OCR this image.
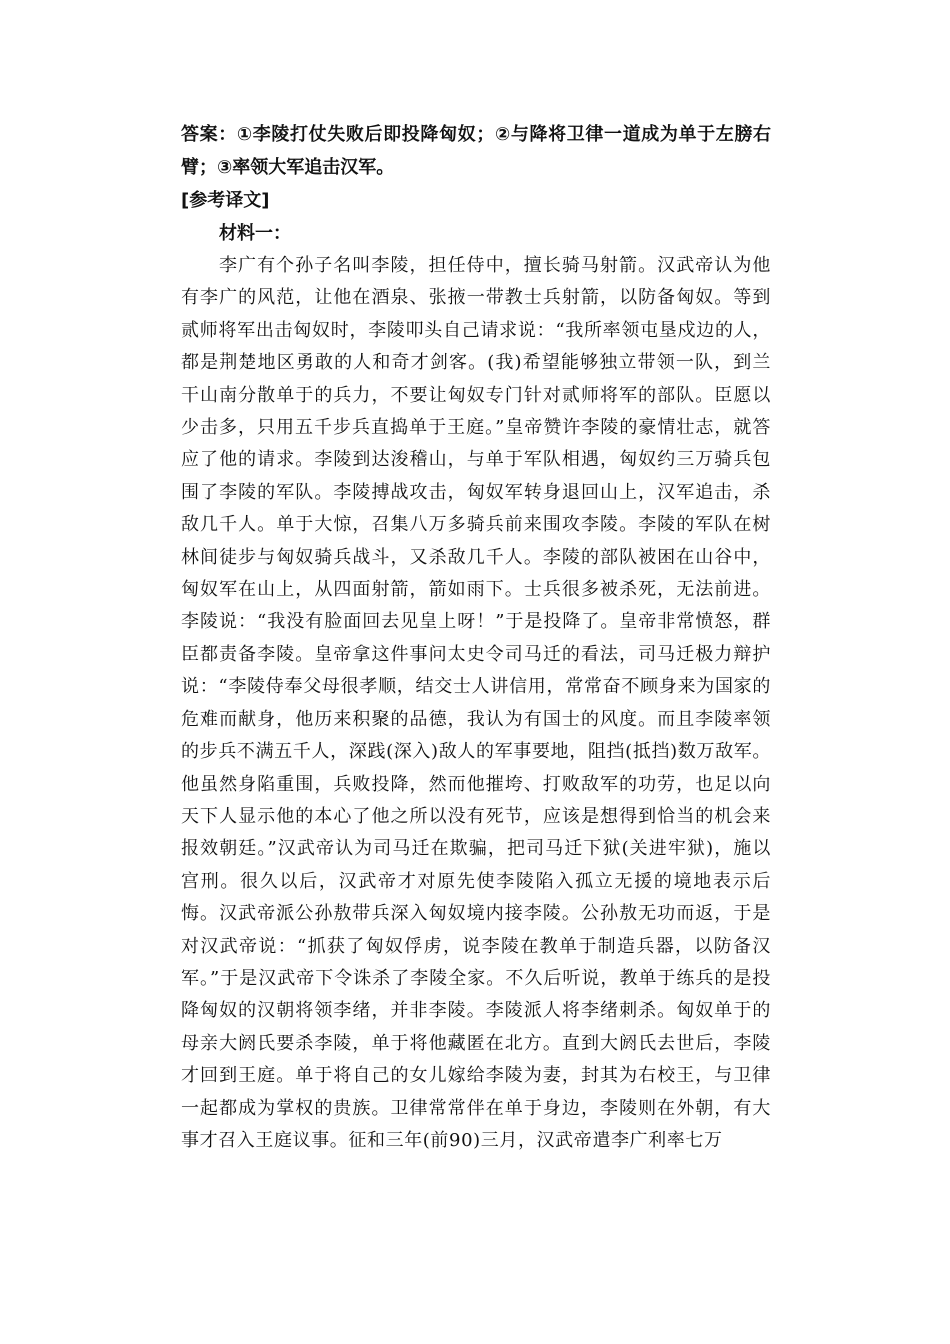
答案：①李陵打仗失败后即投降匈奴；②与降将卫律一道成为单于左膀右臂；③率领大军追击汉军。

[参考译文]

材料一：

李广有个孙子名叫李陵，担任侍中，擅长骑马射箭。汉武帝认为他有李广的风范，让他在酒泉、张掖一带教士兵射箭，以防备匈奴。等到贰师将军出击匈奴时，李陵叩头自己请求说：“我所率领屯垦戍边的人，都是荆楚地区勇敢的人和奇才剑客。(我)希望能够独立带领一队，到兰干山南分散单于的兵力，不要让匈奴专门针对贰师将军的部队。臣愿以少击多，只用五千步兵直捣单于王庭。”皇帝赞许李陵的豪情壮志，就答应了他的请求。李陵到达浚稽山，与单于军队相遇，匈奴约三万骑兵包围了李陵的军队。李陵搏战攻击，匈奴军转身退回山上，汉军追击，杀敌几千人。单于大惊，召集八万多骑兵前来围攻李陵。李陵的军队在树林间徒步与匈奴骑兵战斗，又杀敌几千人。李陵的部队被困在山谷中，匈奴军在山上，从四面射箭，箭如雨下。士兵很多被杀死，无法前进。李陵说：“我没有脸面回去见皇上呀！”于是投降了。皇帝非常愤怒，群臣都责备李陵。皇帝拿这件事问太史令司马迁的看法，司马迁极力辩护说：“李陵侍奉父母很孝顺，结交士人讲信用，常常奋不顾身来为国家的危难而献身，他历来积聚的品德，我认为有国士的风度。而且李陵率领的步兵不满五千人，深践(深入)敌人的军事要地，阻挡(抵挡)数万敌军。他虽然身陷重围，兵败投降，然而他摧垮、打败敌军的功劳，也足以向天下人显示他的本心了他之所以没有死节，应该是想得到恰当的机会来报效朝廷。”汉武帝认为司马迁在欺骗，把司马迁下狱(关进牢狱)，施以宫刑。很久以后，汉武帝才对原先使李陵陷入孤立无援的境地表示后悔。汉武帝派公孙敖带兵深入匈奴境内接李陵。公孙敖无功而返，于是对汉武帝说：“抓获了匈奴俘虏，说李陵在教单于制造兵器，以防备汉军。”于是汉武帝下令诛杀了李陵全家。不久后听说，教单于练兵的是投降匈奴的汉朝将领李绪，并非李陵。李陵派人将李绪刺杀。匈奴单于的母亲大阏氏要杀李陵，单于将他藏匿在北方。直到大阏氏去世后，李陵才回到王庭。单于将自己的女儿嫁给李陵为妻，封其为右校王，与卫律一起都成为掌权的贵族。卫律常常伴在单于身边，李陵则在外朝，有大事才召入王庭议事。征和三年(前90)三月，汉武帝遣李广利率七万
